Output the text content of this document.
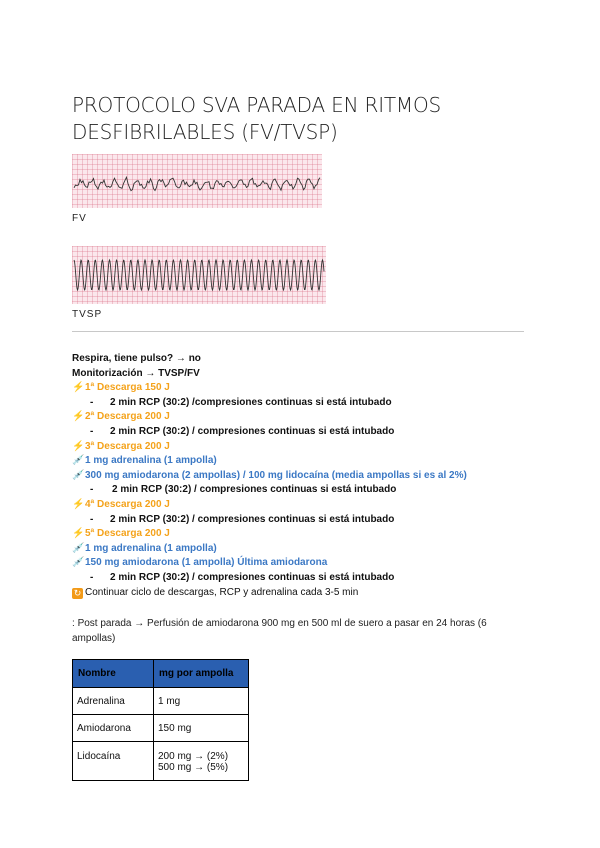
PROTOCOLO SVA PARADA EN RITMOS DESFIBRILABLES (FV/TVSP)
FV
TVSP
Respira, tiene pulso? → no
Monitorización → TVSP/FV
⚡1ª Descarga 150 J
- 2 min RCP (30:2) /compresiones continuas si está intubado
⚡2ª Descarga 200 J
- 2 min RCP (30:2) / compresiones continuas si está intubado
⚡3ª Descarga 200 J
💉1 mg adrenalina (1 ampolla)
💉300 mg amiodarona (2 ampollas) / 100 mg lidocaína (media ampollas si es al 2%)
- 2 min RCP (30:2) / compresiones continuas si está intubado
⚡4ª Descarga 200 J
- 2 min RCP (30:2) / compresiones continuas si está intubado
⚡5ª Descarga 200 J
💉1 mg adrenalina (1 ampolla)
💉150 mg amiodarona (1 ampolla) Última amiodarona
- 2 min RCP (30:2) / compresiones continuas si está intubado
↻ Continuar ciclo de descargas, RCP y adrenalina cada 3-5 min
: Post parada → Perfusión de amiodarona 900 mg en 500 ml de suero a pasar en 24 horas (6 ampollas)
Nombre	mg por ampolla
Adrenalina	1 mg
Amiodarona	150 mg
Lidocaína	200 mg → (2%)
500 mg → (5%)
